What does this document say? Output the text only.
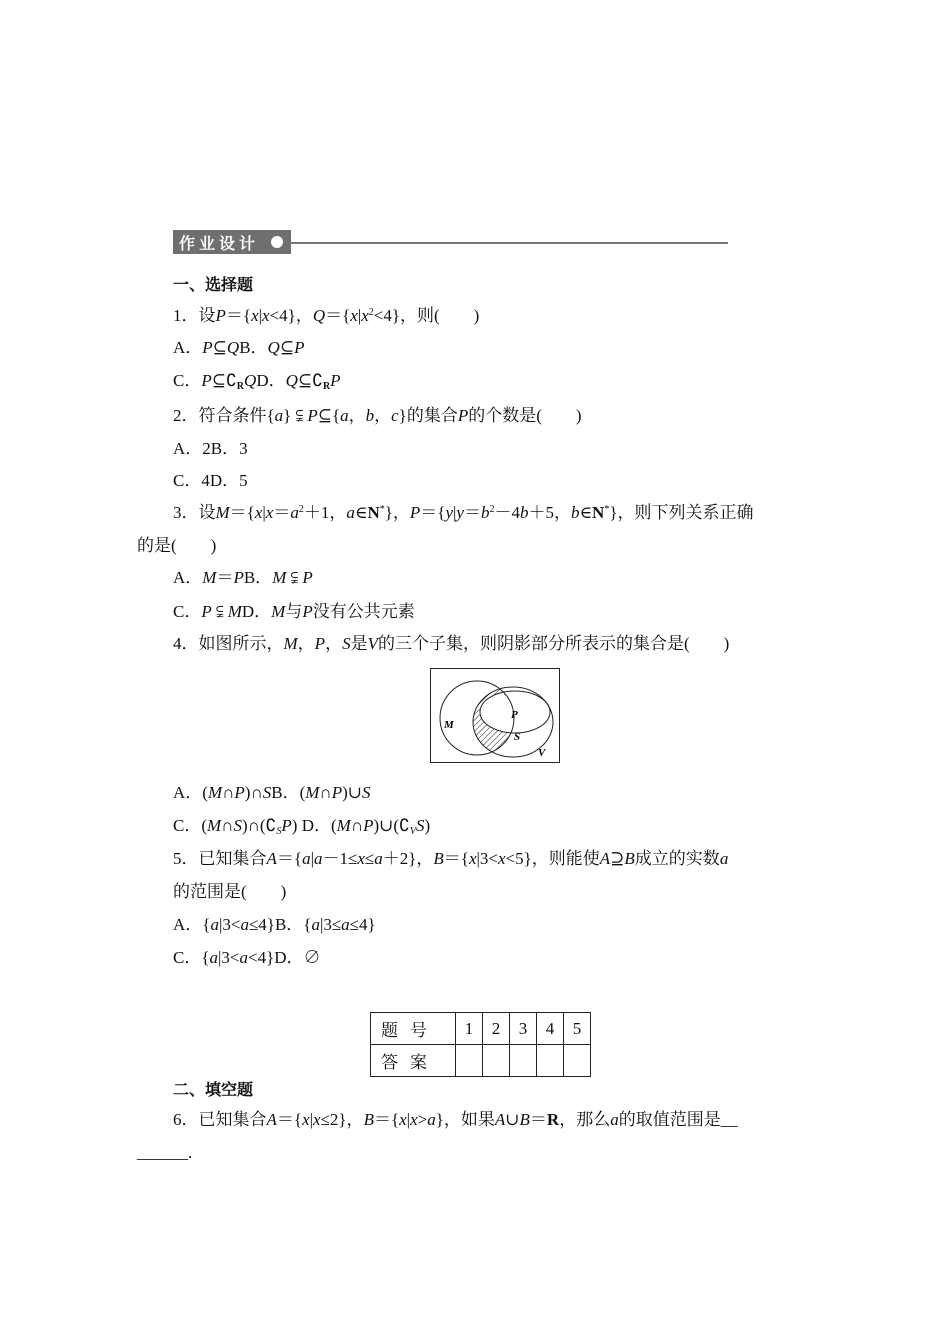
作业设计
一、选择题
1．设P＝{x|x<4}，$Q=\{x|x^2<4\}$，则(　　)
A．P⊆QB．Q⊆P
C．$P⊆∁_RQD$．$Q⊆∁_RP$
2．符合条件{a} ⫋ P⊆{a，b，c}的集合P的个数是(　　)
A．2B．3
C．4D．5
3．设$M=\{x|x=a^2+1$，a∈N*}，$P=\{y|y=b^2-4b+5$，b∈N*}，则下列关系正确
的是(　　)
A．M＝PB．M ⫋ P
C．P ⫋ MD．M与P没有公共元素
4．如图所示，M，P，S是V的三个子集，则阴影部分所表示的集合是(　　)
M
P
S
V
A．(M∩P)∩SB．(M∩P)∪S
C．$(M\cap S)\cap(∁_SP)$ D．$(M\cap P)\cup(∁_VS)$
5．已知集合A＝{a|a－1≤x≤a＋2}，B＝{x|3<x<5}，则能使A⊇B成立的实数a
的范围是(　　)
A．{a|3<a≤4}B．{a|3≤a≤4}
C．{a|3<a<4}D．∅
题号	1	2	3	4	5
答案					
二、填空题
6．已知集合A＝{x|x≤2}，B＝{x|x>a}，如果A∪B＝R，那么a的取值范围是__
______.
